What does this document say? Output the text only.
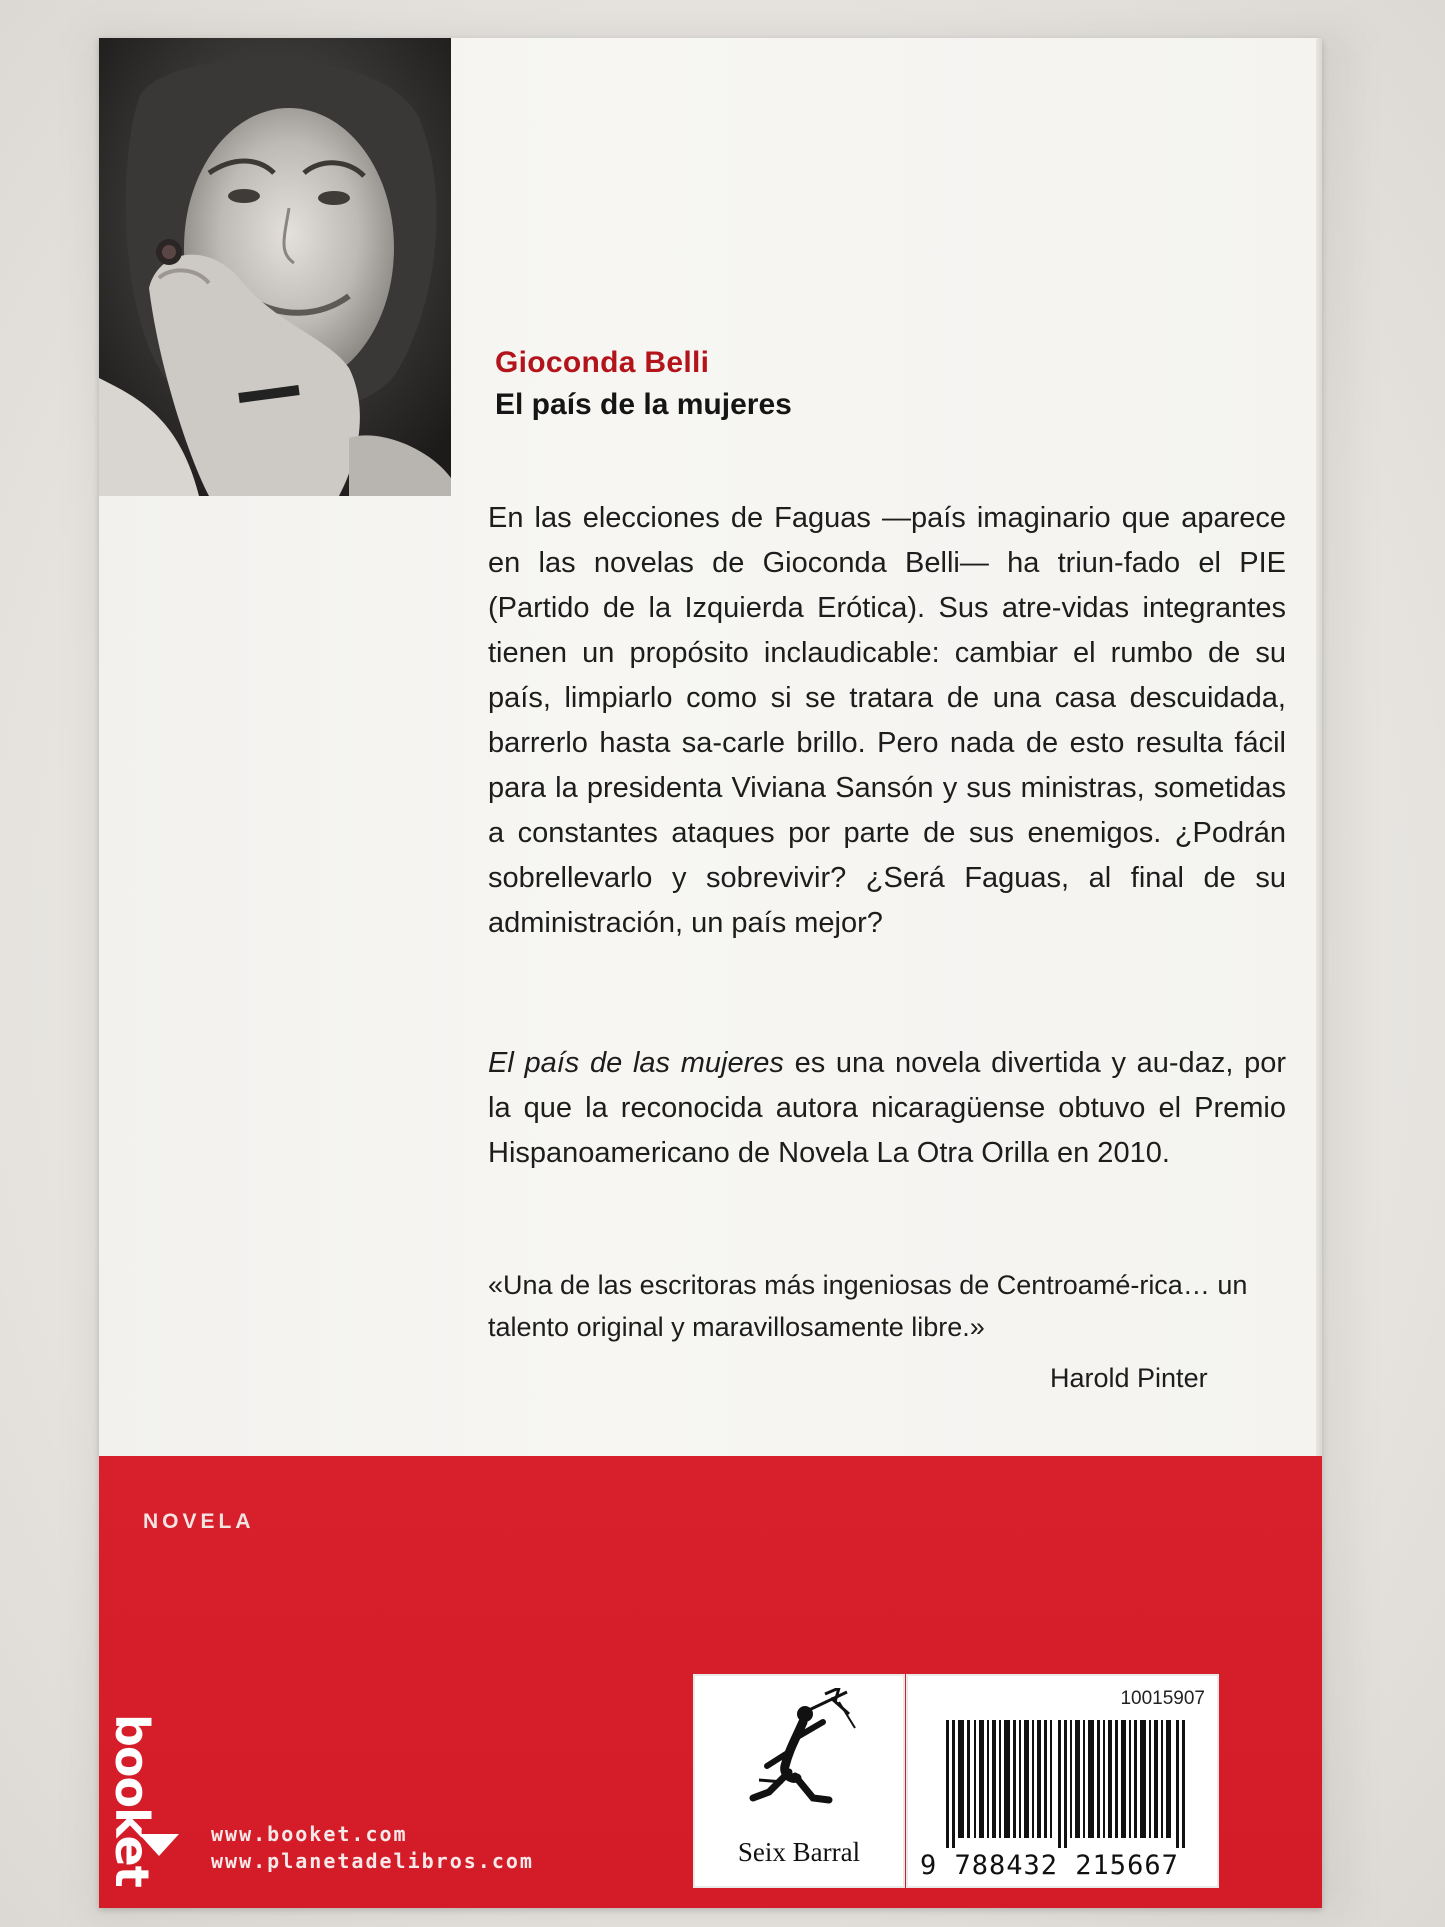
Gioconda Belli

El país de la mujeres

En las elecciones de Faguas —país imaginario que aparece en las novelas de Gioconda Belli— ha triun-fado el PIE (Partido de la Izquierda Erótica). Sus atre-vidas integrantes tienen un propósito inclaudicable: cambiar el rumbo de su país, limpiarlo como si se tratara de una casa descuidada, barrerlo hasta sa-carle brillo. Pero nada de esto resulta fácil para la presidenta Viviana Sansón y sus ministras, sometidas a constantes ataques por parte de sus enemigos. ¿Podrán sobrellevarlo y sobrevivir? ¿Será Faguas, al final de su administración, un país mejor?

El país de las mujeres es una novela divertida y au-daz, por la que la reconocida autora nicaragüense obtuvo el Premio Hispanoamericano de Novela La Otra Orilla en 2010.

«Una de las escritoras más ingeniosas de Centroamé-rica… un talento original y maravillosamente libre.»

Harold Pinter

NOVELA

booket	www.booket.com

www.planetadelibros.com	Seix Barral

10015907

9 788432 215667
